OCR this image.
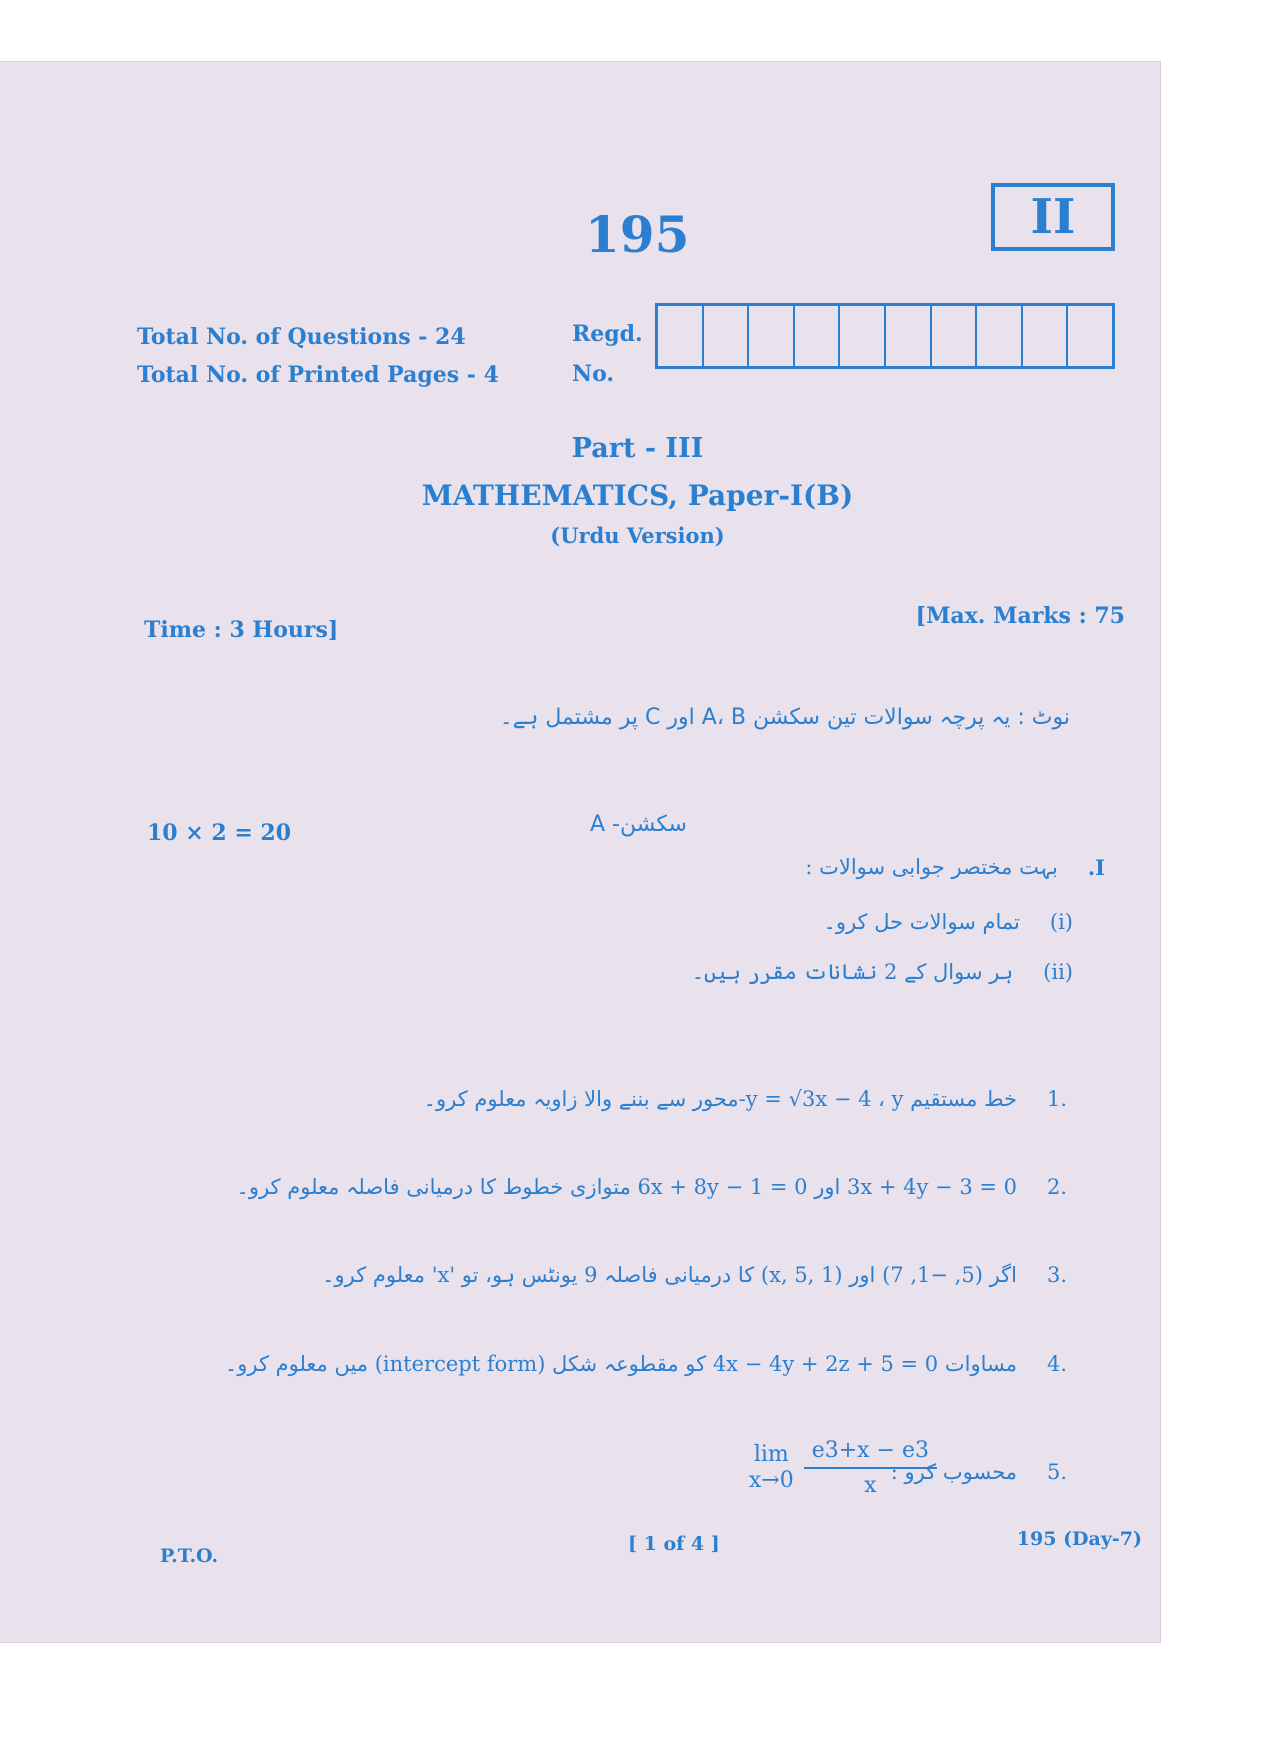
195	II
Total No. of Questions - 24
Total No. of Printed Pages - 4
Regd.
No.
Part - III
MATHEMATICS, Paper-I(B)
(Urdu Version)
Time : 3 Hours]
[Max. Marks : 75
نوٹ : یہ پرچہ سوالات تین سکشن A، B اور C پر مشتمل ہے۔
10 × 2 = 20	سکشن- A
I.
بہت مختصر جوابی سوالات :
(i)
تمام سوالات حل کرو۔
(ii)
ہر سوال کے 2 نشانات مقرر ہیں۔
.1
خط مستقیم y = √3x − 4 ، y-محور سے بننے والا زاویہ معلوم کرو۔
.2
3x + 4y − 3 = 0 اور 6x + 8y − 1 = 0 متوازی خطوط کا درمیانی فاصلہ معلوم کرو۔
.3
اگر (5, −1, 7) اور (x, 5, 1) کا درمیانی فاصلہ 9 یونٹس ہو، تو 'x' معلوم کرو۔
.4
مساوات 4x − 4y + 2z + 5 = 0 کو مقطوعہ شکل (intercept form) میں معلوم کرو۔
.5
محسوب کرو :
lim
$x\to 0 \frac{e3+x - e3}{x}$
P.T.O.
[ 1 of 4 ]	195 (Day-7)
